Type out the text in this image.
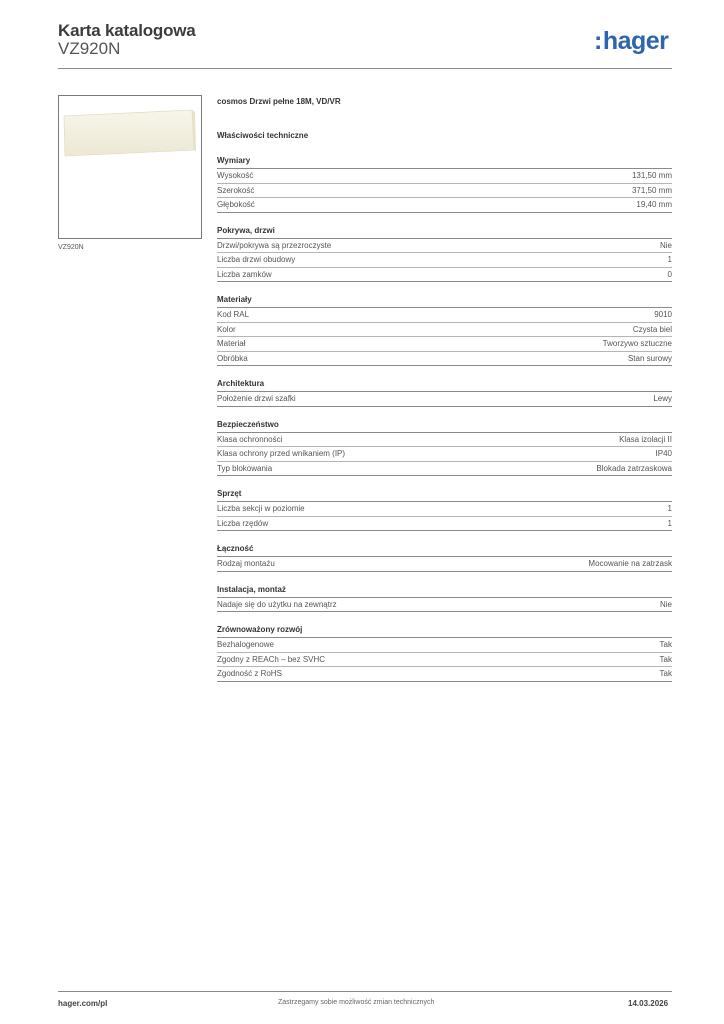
Karta katalogowa
VZ920N	:hager
VZ920N
cosmos Drzwi pełne 18M, VD/VR
Właściwości techniczne
Wymiary
Wysokość	131,50 mm
Szerokość	371,50 mm
Głębokość	19,40 mm
Pokrywa, drzwi
Drzwi/pokrywa są przezroczyste	Nie
Liczba drzwi obudowy	1
Liczba zamków	0
Materiały
Kod RAL	9010
Kolor	Czysta biel
Materiał	Tworzywo sztuczne
Obróbka	Stan surowy
Architektura
Położenie drzwi szafki	Lewy
Bezpieczeństwo
Klasa ochronności	Klasa izolacji II
Klasa ochrony przed wnikaniem (IP)	IP40
Typ blokowania	Blokada zatrzaskowa
Sprzęt
Liczba sekcji w poziomie	1
Liczba rzędów	1
Łączność
Rodzaj montażu	Mocowanie na zatrzask
Instalacja, montaż
Nadaje się do użytku na zewnątrz	Nie
Zrównoważony rozwój
Bezhalogenowe	Tak
Zgodny z REACh – bez SVHC	Tak
Zgodność z RoHS	Tak
hager.com/pl	Zastrzegamy sobie możliwość zmian technicznych	14.03.2026
